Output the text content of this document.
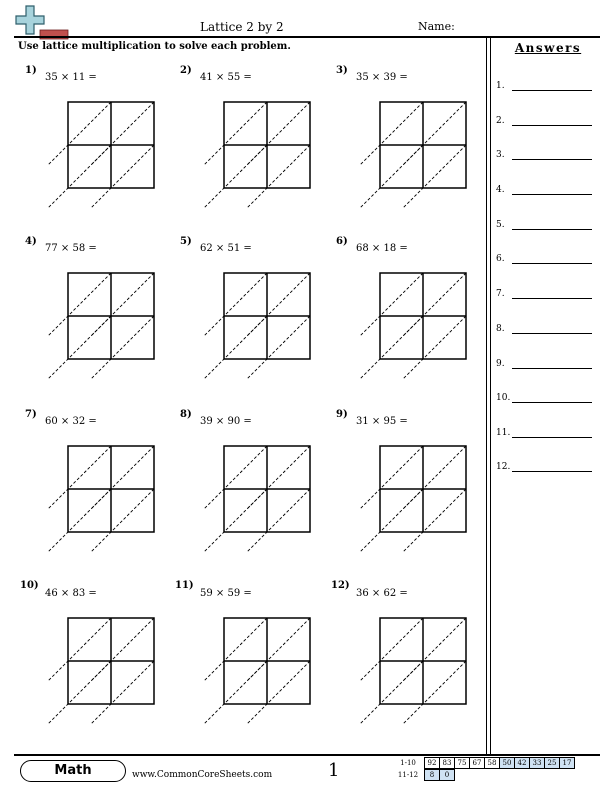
Lattice 2 by 2	Name:
Use lattice multiplication to solve each problem.	Answers
1.
2.
3.
4.
5.
6.
7.
8.
9.
10.
11.
12.
1)
35 × 11 =
2)
41 × 55 =
3)
35 × 39 =
4)
77 × 58 =
5)
62 × 51 =
6)
68 × 18 =
7)
60 × 32 =
8)
39 × 90 =
9)
31 × 95 =
10)
46 × 83 =
11)
59 × 59 =
12)
36 × 62 =
Math	www.CommonCoreSheets.com	1	1-10	92	83	75	67	58	50	42	33	25	17
11-12 8	0
